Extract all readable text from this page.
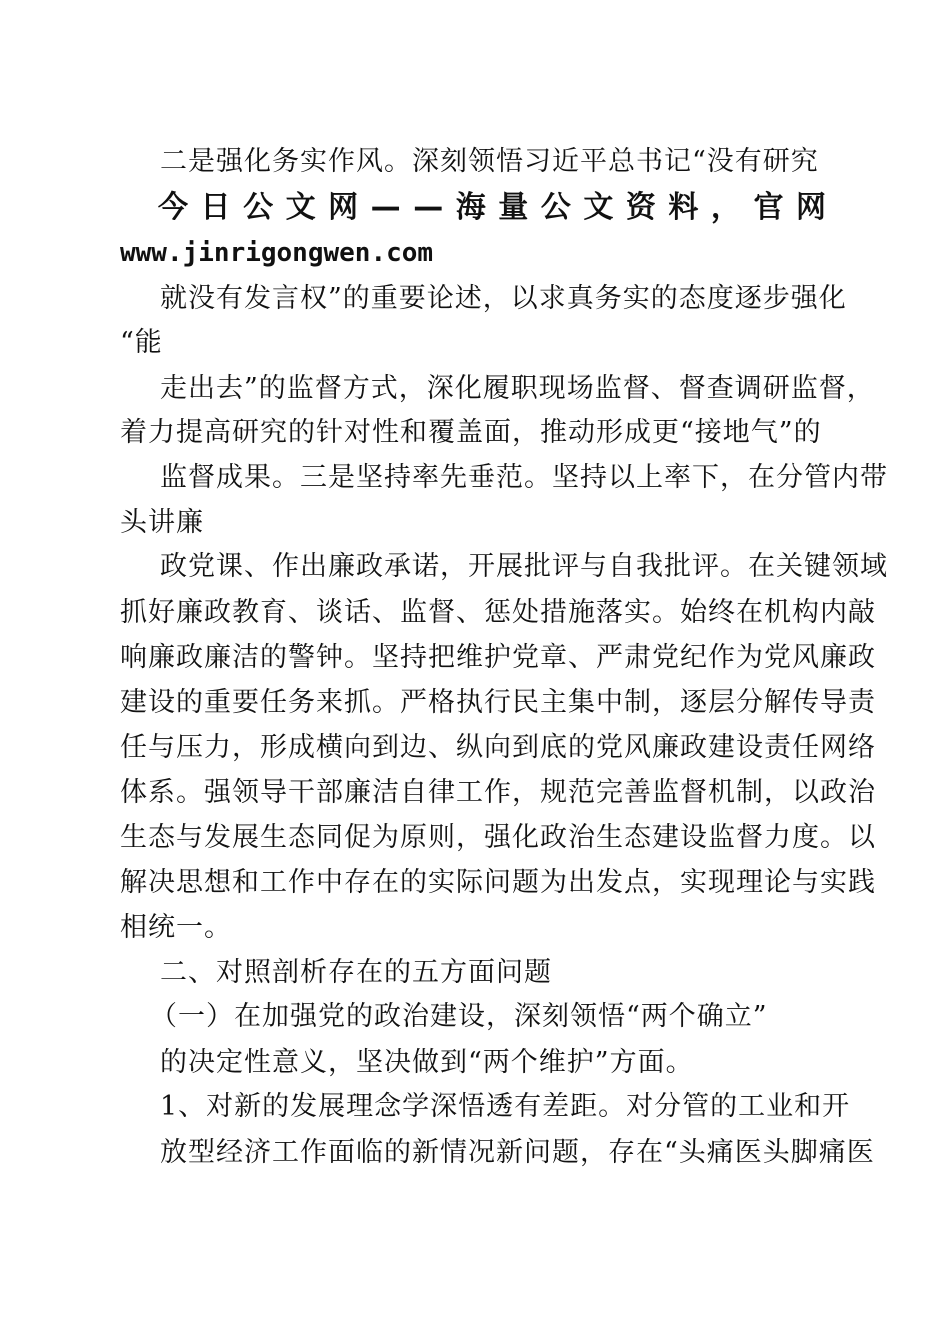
二是强化务实作风。深刻领悟习近平总书记“没有研究
今 日 公 文 网 — — 海 量 公 文 资 料 ， 官 网
www.jinrigongwen.com
就没有发言权”的重要论述，以求真务实的态度逐步强化
“能
走出去”的监督方式，深化履职现场监督、督查调研监督，
着力提高研究的针对性和覆盖面，推动形成更“接地气”的
监督成果。三是坚持率先垂范。坚持以上率下，在分管内带
头讲廉
政党课、作出廉政承诺，开展批评与自我批评。在关键领域
抓好廉政教育、谈话、监督、惩处措施落实。始终在机构内敲
响廉政廉洁的警钟。坚持把维护党章、严肃党纪作为党风廉政
建设的重要任务来抓。严格执行民主集中制，逐层分解传导责
任与压力，形成横向到边、纵向到底的党风廉政建设责任网络
体系。强领导干部廉洁自律工作，规范完善监督机制，以政治
生态与发展生态同促为原则，强化政治生态建设监督力度。以
解决思想和工作中存在的实际问题为出发点，实现理论与实践
相统一。
二、对照剖析存在的五方面问题
（一）在加强党的政治建设，深刻领悟“两个确立”
的决定性意义，坚决做到“两个维护”方面。
1、对新的发展理念学深悟透有差距。对分管的工业和开
放型经济工作面临的新情况新问题，存在“头痛医头脚痛医
